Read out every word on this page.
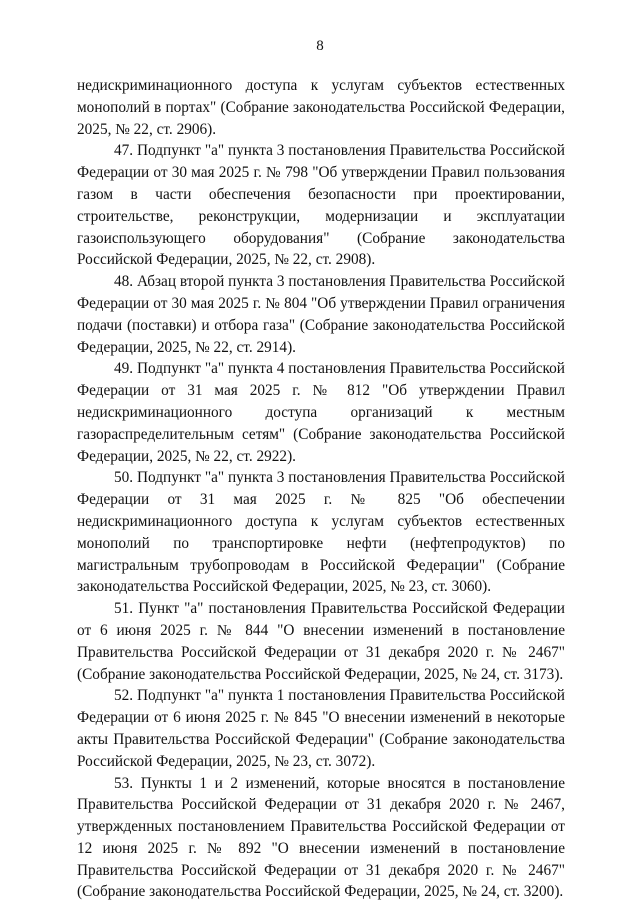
8

недискриминационного доступа к услугам субъектов естественных монополий в портах" (Собрание законодательства Российской Федерации, 2025, № 22, ст. 2906).

47. Подпункт "а" пункта 3 постановления Правительства Российской Федерации от 30 мая 2025 г. № 798 "Об утверждении Правил пользования газом в части обеспечения безопасности при проектировании, строительстве, реконструкции, модернизации и эксплуатации газоиспользующего оборудования" (Собрание законодательства Российской Федерации, 2025, № 22, ст. 2908).

48. Абзац второй пункта 3 постановления Правительства Российской Федерации от 30 мая 2025 г. № 804 "Об утверждении Правил ограничения подачи (поставки) и отбора газа" (Собрание законодательства Российской Федерации, 2025, № 22, ст. 2914).

49. Подпункт "а" пункта 4 постановления Правительства Российской Федерации от 31 мая 2025 г. № 812 "Об утверждении Правил недискриминационного доступа организаций к местным газораспределительным сетям" (Собрание законодательства Российской Федерации, 2025, № 22, ст. 2922).

50. Подпункт "а" пункта 3 постановления Правительства Российской Федерации от 31 мая 2025 г. № 825 "Об обеспечении недискриминационного доступа к услугам субъектов естественных монополий по транспортировке нефти (нефтепродуктов) по магистральным трубопроводам в Российской Федерации" (Собрание законодательства Российской Федерации, 2025, № 23, ст. 3060).

51. Пункт "а" постановления Правительства Российской Федерации от 6 июня 2025 г. № 844 "О внесении изменений в постановление Правительства Российской Федерации от 31 декабря 2020 г. № 2467" (Собрание законодательства Российской Федерации, 2025, № 24, ст. 3173).

52. Подпункт "а" пункта 1 постановления Правительства Российской Федерации от 6 июня 2025 г. № 845 "О внесении изменений в некоторые акты Правительства Российской Федерации" (Собрание законодательства Российской Федерации, 2025, № 23, ст. 3072).

53. Пункты 1 и 2 изменений, которые вносятся в постановление Правительства Российской Федерации от 31 декабря 2020 г. № 2467, утвержденных постановлением Правительства Российской Федерации от 12 июня 2025 г. № 892 "О внесении изменений в постановление Правительства Российской Федерации от 31 декабря 2020 г. № 2467" (Собрание законодательства Российской Федерации, 2025, № 24, ст. 3200).
